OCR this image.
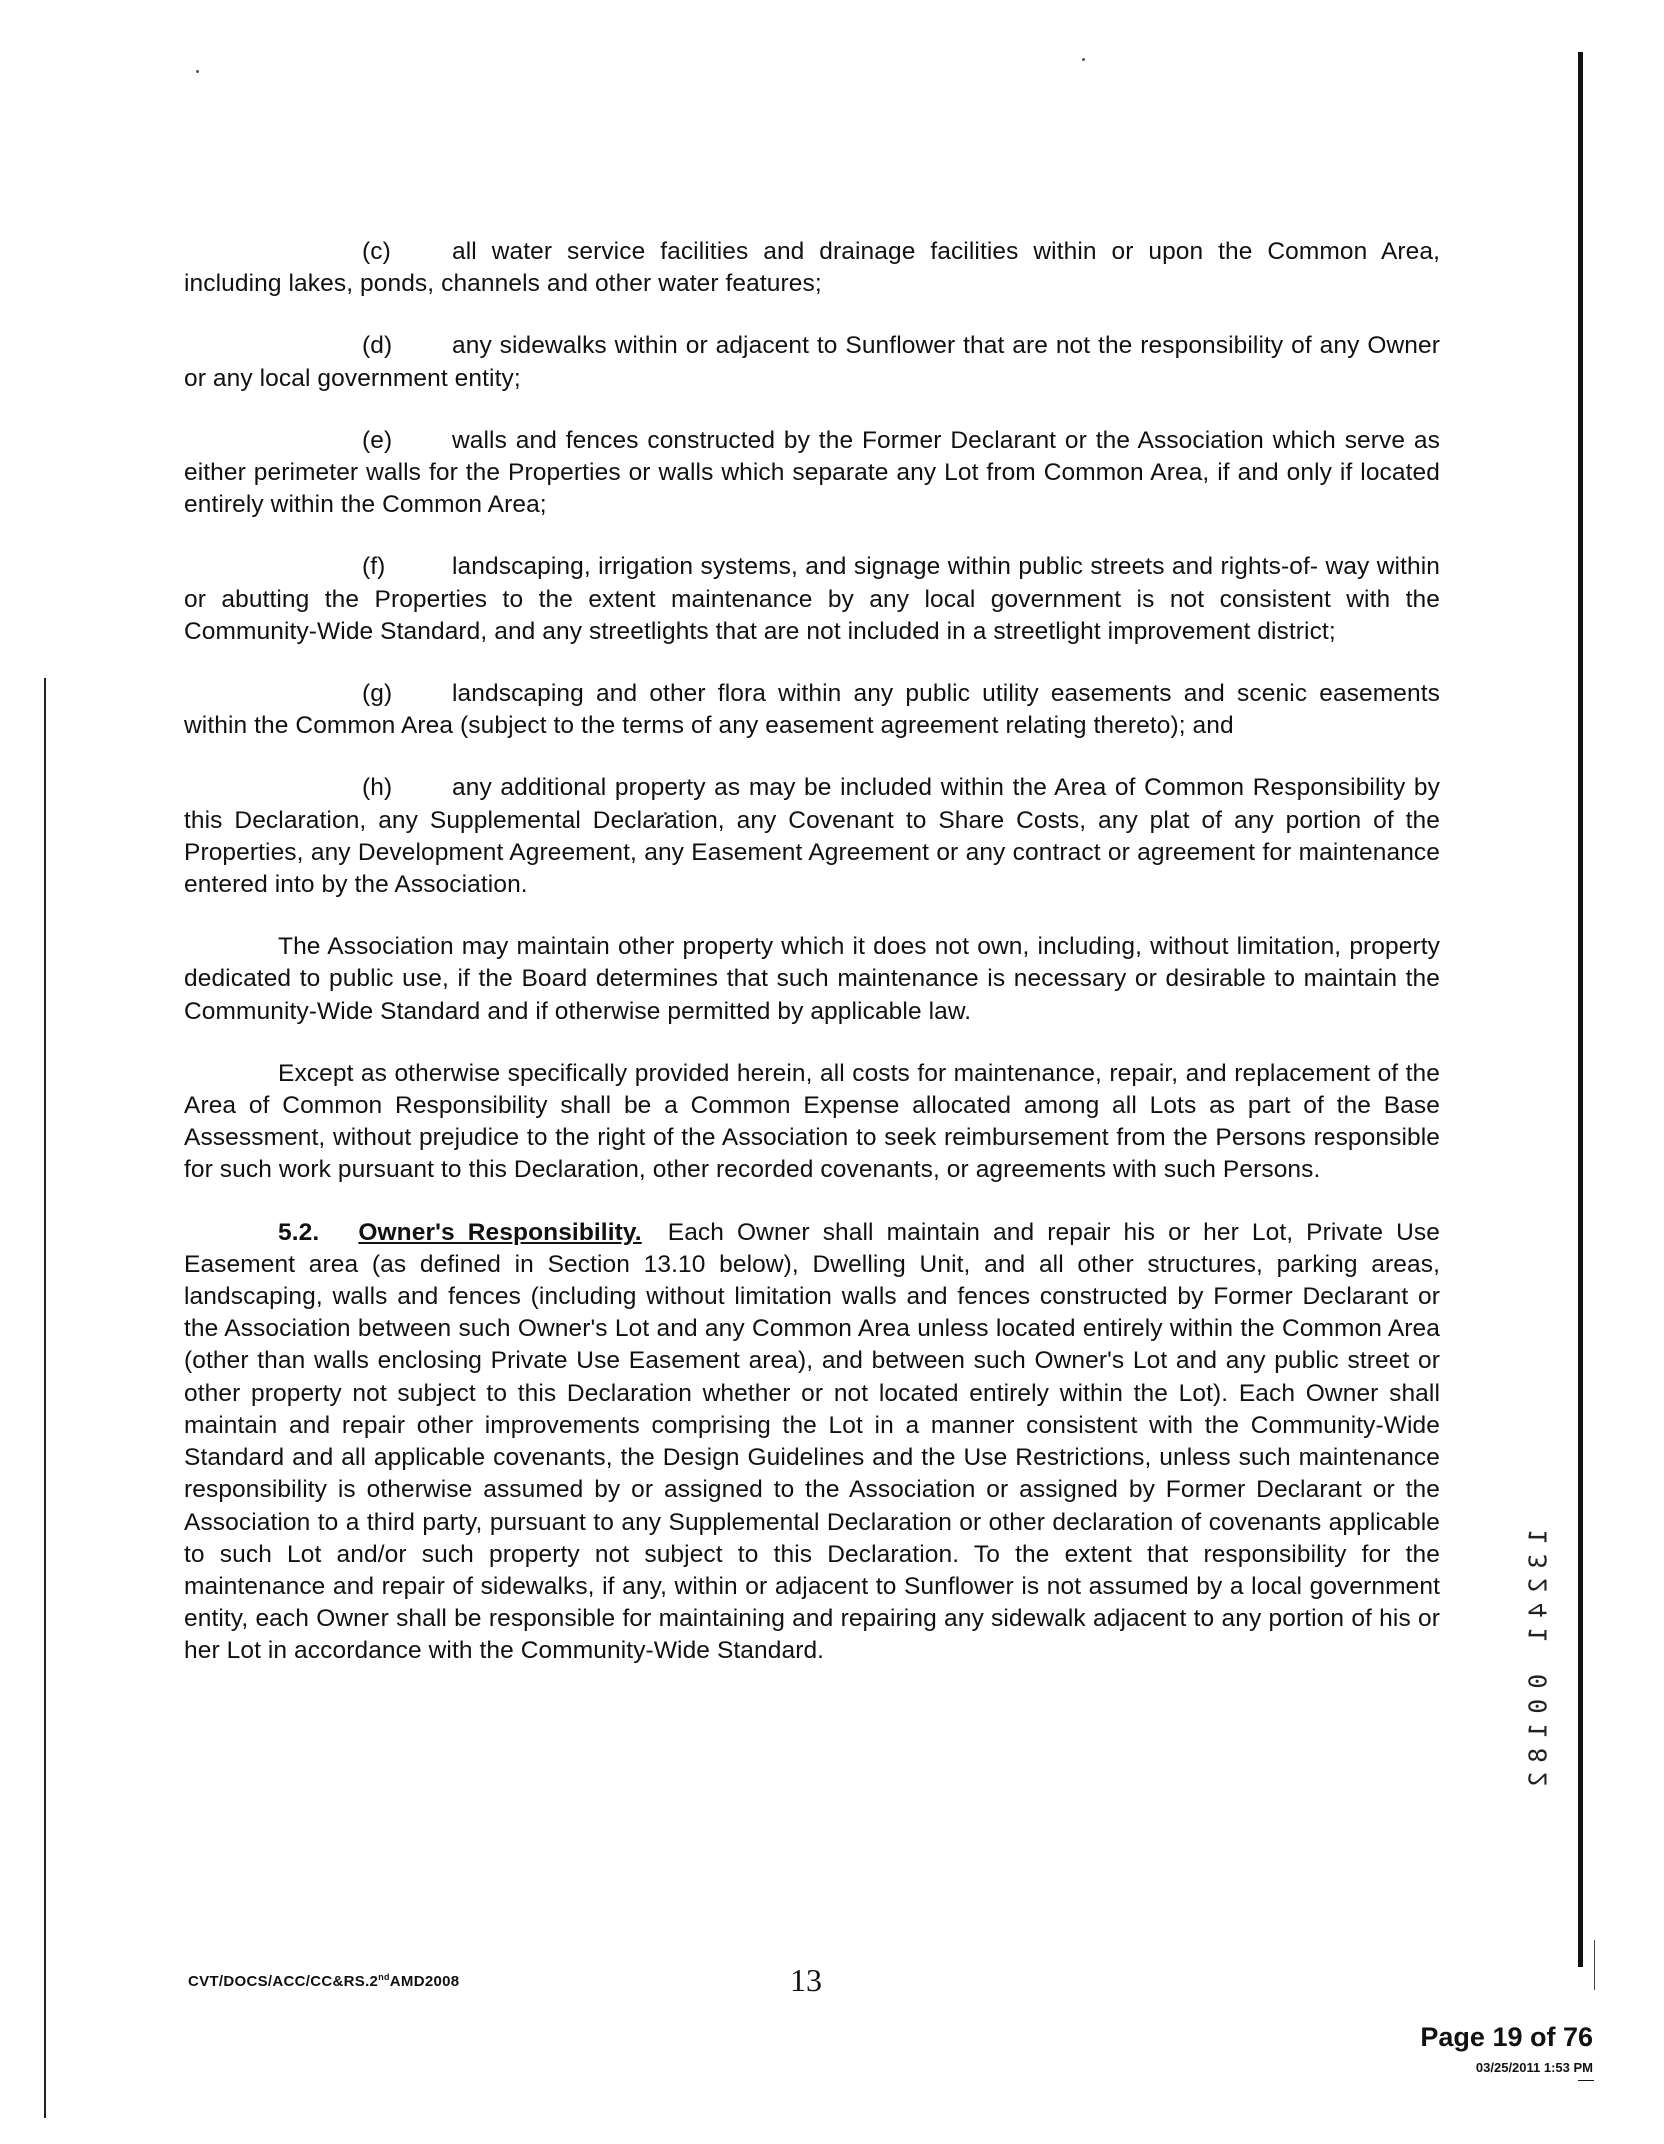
(c) all water service facilities and drainage facilities within or upon the Common Area, including lakes, ponds, channels and other water features;
(d) any sidewalks within or adjacent to Sunflower that are not the responsibility of any Owner or any local government entity;
(e) walls and fences constructed by the Former Declarant or the Association which serve as either perimeter walls for the Properties or walls which separate any Lot from Common Area, if and only if located entirely within the Common Area;
(f)	landscaping, irrigation systems, and signage within public streets and rights-of- way within or abutting the Properties to the extent maintenance by any local government is not consistent with the Community-Wide Standard, and any streetlights that are not included in a streetlight improvement district;
(g) landscaping and other flora within any public utility easements and scenic easements within the Common Area (subject to the terms of any easement agreement relating thereto); and
(h) any additional property as may be included within the Area of Common Responsibility by this Declaration, any Supplemental Declaration, any Covenant to Share Costs, any plat of any portion of the Properties, any Development Agreement, any Easement Agreement or any contract or agreement for maintenance entered into by the Association.

The Association may maintain other property which it does not own, including, without limitation, property dedicated to public use, if the Board determines that such maintenance is necessary or desirable to maintain the Community-Wide Standard and if otherwise permitted by applicable law.

Except as otherwise specifically provided herein, all costs for maintenance, repair, and replacement of the Area of Common Responsibility shall be a Common Expense allocated among all Lots as part of the Base Assessment, without prejudice to the right of the Association to seek reimbursement from the Persons responsible for such work pursuant to this Declaration, other recorded covenants, or agreements with such Persons.

5.2. Owner's Responsibility. Each Owner shall maintain and repair his or her Lot, Private Use Easement area (as defined in Section 13.10 below), Dwelling Unit, and all other structures, parking areas, landscaping, walls and fences (including without limitation walls and fences constructed by Former Declarant or the Association between such Owner's Lot and any Common Area unless located entirely within the Common Area (other than walls enclosing Private Use Easement area), and between such Owner's Lot and any public street or other property not subject to this Declaration whether or not located entirely within the Lot). Each Owner shall maintain and repair other improvements comprising the Lot in a manner consistent with the Community-Wide Standard and all applicable covenants, the Design Guidelines and the Use Restrictions, unless such maintenance responsibility is otherwise assumed by or assigned to the Association or assigned by Former Declarant or the Association to a third party, pursuant to any Supplemental Declaration or other declaration of covenants applicable to such Lot and/or such property not subject to this Declaration. To the extent that responsibility for the maintenance and repair of sidewalks, if any, within or adjacent to Sunflower is not assumed by a local government entity, each Owner shall be responsible for maintaining and repairing any sidewalk adjacent to any portion of his or her Lot in accordance with the Community-Wide Standard.

1
3
2
4
1
0
0
1
8
2
CVT/DOCS/ACC/CC&RS.2ndAMD2008	13
Page 19 of 76
03/25/2011 1:53 PM
